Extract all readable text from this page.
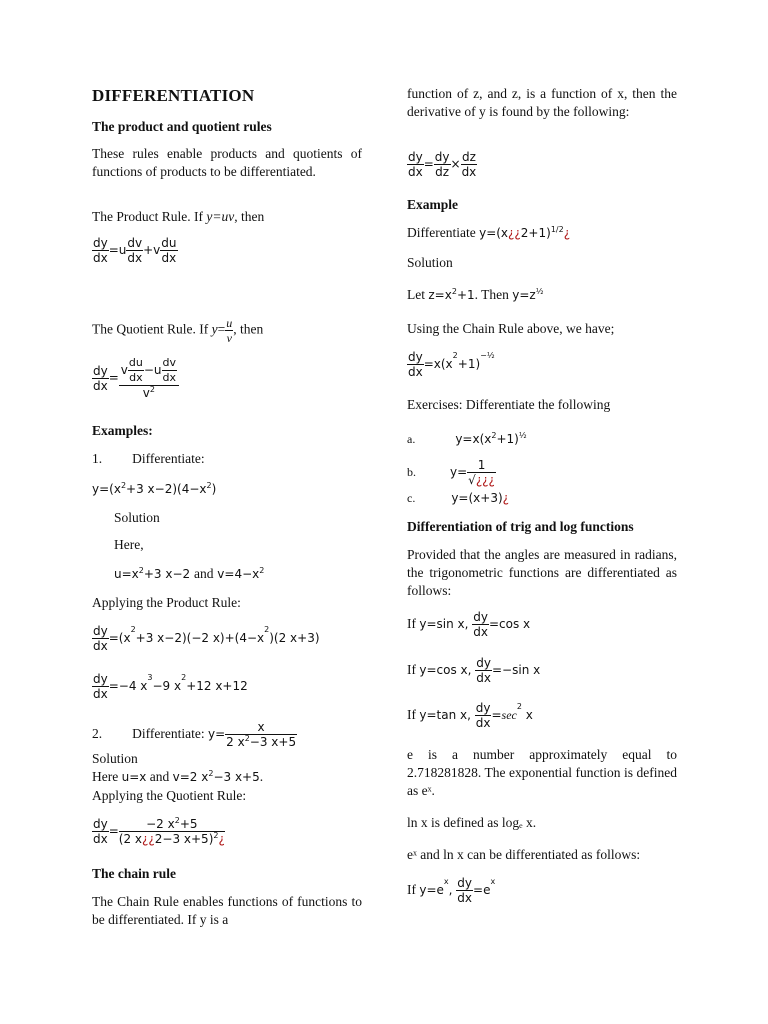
DIFFERENTIATION
The product and quotient rules
These rules enable products and quotients of functions of products to be differentiated.
The Product Rule. If y=uv, then
$\frac{dy}{dx} =u \frac{dv}{dx} +v \frac{du}{dx}$
The Quotient Rule. If $y= \frac{u}{v}$ , then
$\frac{dy}{dx} = \frac{v \frac{du}{dx} -u \frac{dv}{dx}}{v^2}$
Examples:
1. Differentiate:
$y=(x^2+3$ $x-2)(4-x^2)$
Solution
Here,
$u=x^2+3$ x−2 and $v=4-x^2$
Applying the Product Rule:
$\frac{dy}{dx} =(x^2+3$ x−2)(−2 $x)+(4-x^2)(2$ x+3)
$\frac{dy}{dx} =-4$ $x^3-9$ $x^2+12$ x+12
2. Differentiate: $y= \frac{x}{2 x^2-3 x+5}$
Solution
Here u=x and v=2 $x^2-3$ x+5.
Applying the Quotient Rule:
$\frac{dy}{dx} = \frac{-2 x^2+5}{(2 x¿¿2-3 x+5)^2¿}$
The chain rule
The Chain Rule enables functions of functions to be differentiated. If y is a
function of z, and z, is a function of x, then the derivative of y is found by the following:
$\frac{dy}{dx} = \frac{dy}{dz} \times \frac{dz}{dx}$
Example
Differentiate y=(x¿¿2+1)$^{1/2}$¿
Solution
Let $z=x^2+1$. Then $y=z^{\frac{1}{2}}$
Using the Chain Rule above, we have;
$\frac{dy}{dx} =x(x^2+1)^{-\frac{1}{2}}$
Exercises: Differentiate the following
a.	$y=x(x^2+1)^{\frac{1}{2}}$
b.	$y= \frac{1}{√¿¿¿}$
c.	y=(x+3)¿
Differentiation of trig and log functions
Provided that the angles are measured in radians, the trigonometric functions are differentiated as follows:
If y=sin x, $\frac{dy}{dx} =\cos$ x
If y=cos x, $\frac{dy}{dx} =-\sin$ x
If y=tan x, $\frac{dy}{dx} =\sec^2$ x
e is a number approximately equal to 2.718281828. The exponential function is defined as eˣ.
ln x is defined as logₑ x.
eˣ and ln x can be differentiated as follows:
If $y=e^x$, $\frac{dy}{dx} =e^x$
